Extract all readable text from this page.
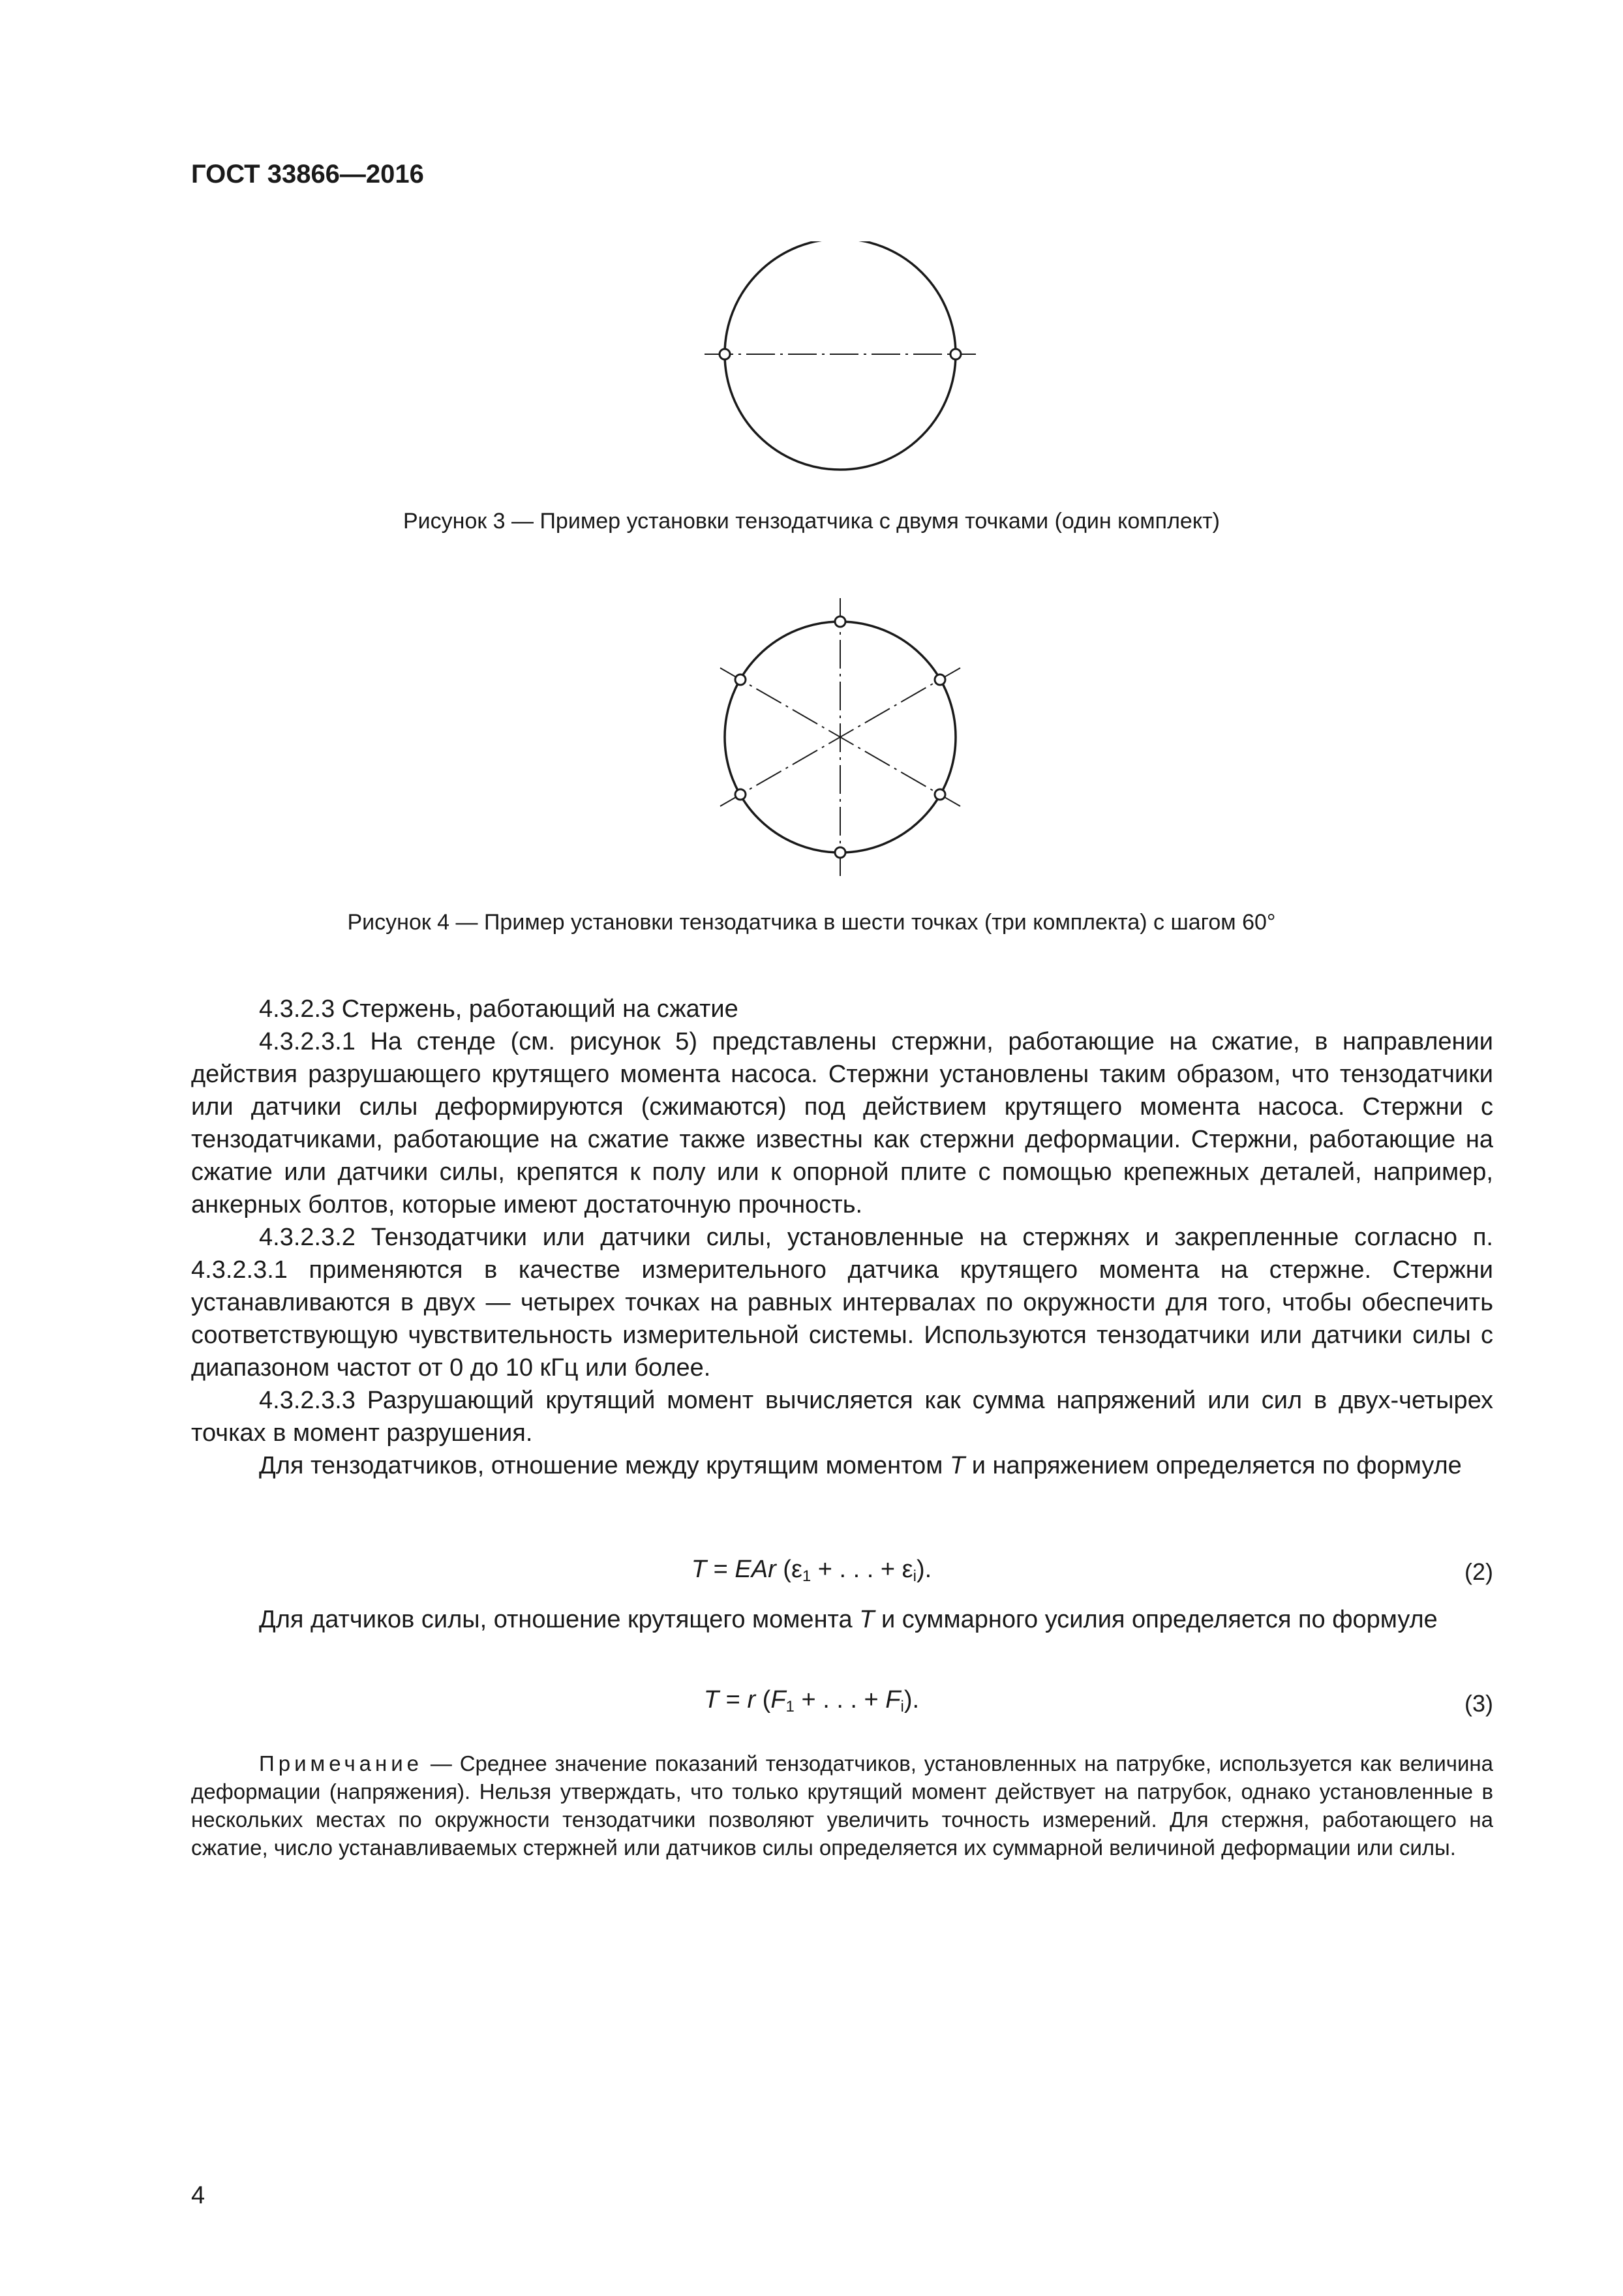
ГОСТ 33866—2016
Рисунок 3 — Пример установки тензодатчика с двумя точками (один комплект)
Рисунок 4 — Пример установки тензодатчика в шести точках (три комплекта) с шагом 60°

4.3.2.3 Стержень, работающий на сжатие

4.3.2.3.1 На стенде (см. рисунок 5) представлены стержни, работающие на сжатие, в направлении действия разрушающего крутящего момента насоса. Стержни установлены таким образом, что тензодатчики или датчики силы деформируются (сжимаются) под действием крутящего момента насоса. Стержни с тензодатчиками, работающие на сжатие также известны как стержни деформации. Стержни, работающие на сжатие или датчики силы, крепятся к полу или к опорной плите с помощью крепежных деталей, например, анкерных болтов, которые имеют достаточную прочность.

4.3.2.3.2 Тензодатчики или датчики силы, установленные на стержнях и закрепленные согласно п. 4.3.2.3.1 применяются в качестве измерительного датчика крутящего момента на стержне. Стержни устанавливаются в двух — четырех точках на равных интервалах по окружности для того, чтобы обеспечить соответствующую чувствительность измерительной системы. Используются тензодатчики или датчики силы с диапазоном частот от 0 до 10 кГц или более.

4.3.2.3.3 Разрушающий крутящий момент вычисляется как сумма напряжений или сил в двух-четырех точках в момент разрушения.

Для тензодатчиков, отношение между крутящим моментом T и напряжением определяется по формуле

T = EAr ($\varepsilon_1$ + . . . + $\varepsilon_i$).	(2)

Для датчиков силы, отношение крутящего момента T и суммарного усилия определяется по формуле

T = r ($F_1$ + . . . + $F_i$).	(3)

Примечание — Среднее значение показаний тензодатчиков, установленных на патрубке, используется как величина деформации (напряжения). Нельзя утверждать, что только крутящий момент действует на патрубок, однако установленные в нескольких местах по окружности тензодатчики позволяют увеличить точность измерений. Для стержня, работающего на сжатие, число устанавливаемых стержней или датчиков силы определяется их суммарной величиной деформации или силы.

4
